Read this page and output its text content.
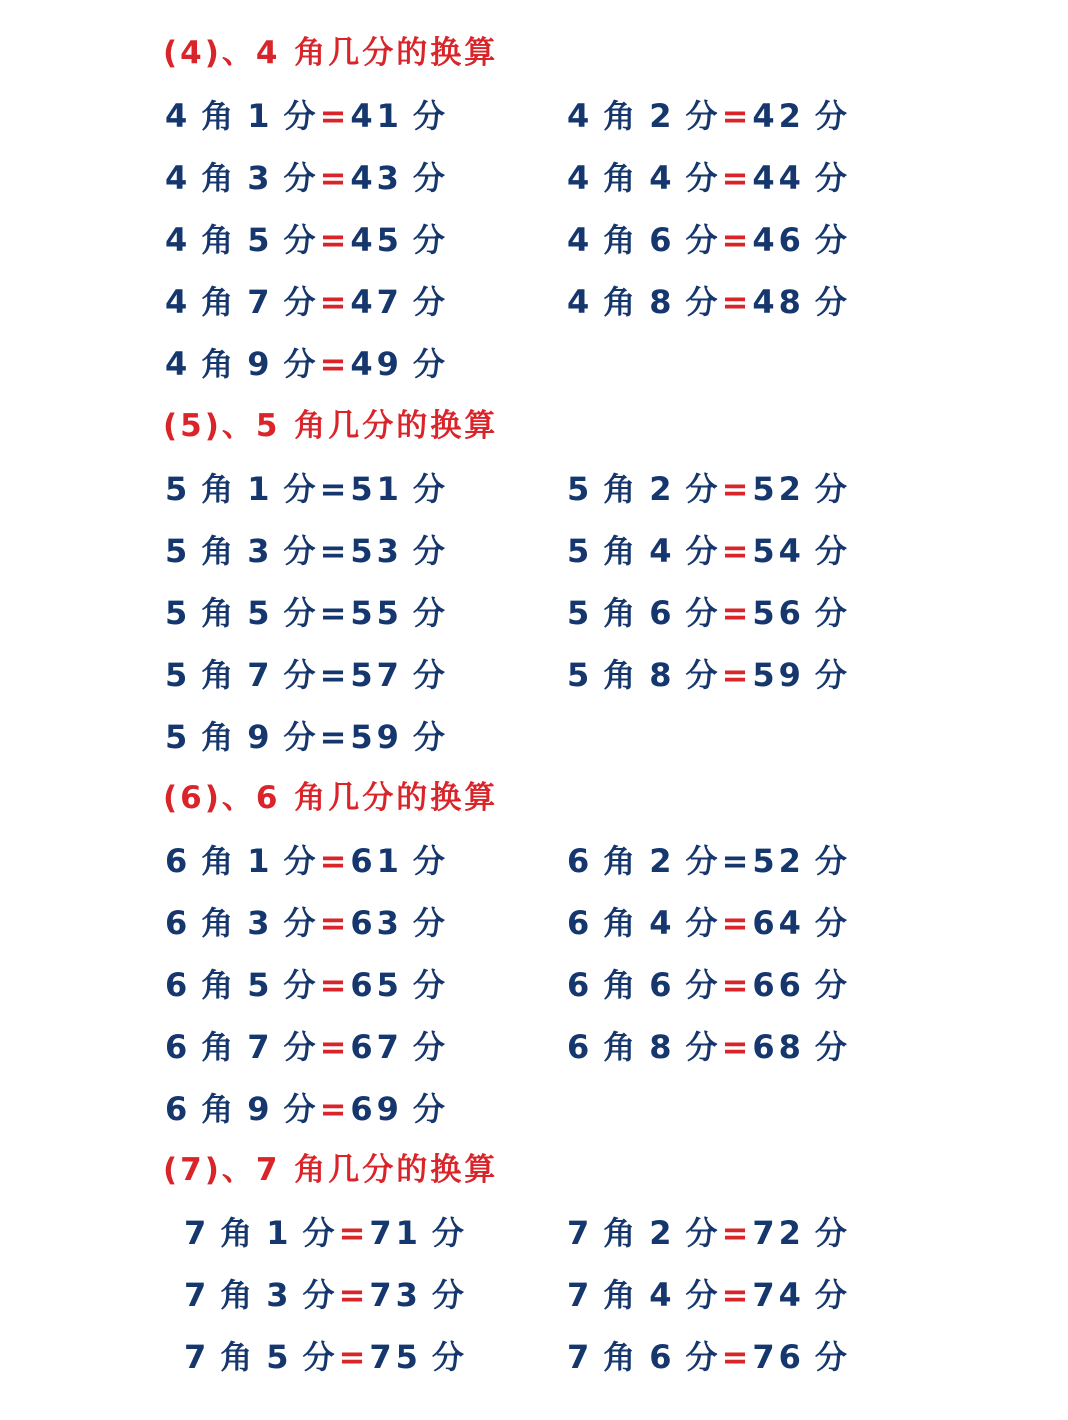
(4)、4 角几分的换算
4 角 1 分=41 分	4 角 2 分=42 分
4 角 3 分=43 分	4 角 4 分=44 分
4 角 5 分=45 分	4 角 6 分=46 分
4 角 7 分=47 分	4 角 8 分=48 分
4 角 9 分=49 分
(5)、5 角几分的换算
5 角 1 分=51 分	5 角 2 分=52 分
5 角 3 分=53 分	5 角 4 分=54 分
5 角 5 分=55 分	5 角 6 分=56 分
5 角 7 分=57 分	5 角 8 分=59 分
5 角 9 分=59 分
(6)、6 角几分的换算
6 角 1 分=61 分	6 角 2 分=52 分
6 角 3 分=63 分	6 角 4 分=64 分
6 角 5 分=65 分	6 角 6 分=66 分
6 角 7 分=67 分	6 角 8 分=68 分
6 角 9 分=69 分
(7)、7 角几分的换算
7 角 1 分=71 分	7 角 2 分=72 分
7 角 3 分=73 分	7 角 4 分=74 分
7 角 5 分=75 分	7 角 6 分=76 分
